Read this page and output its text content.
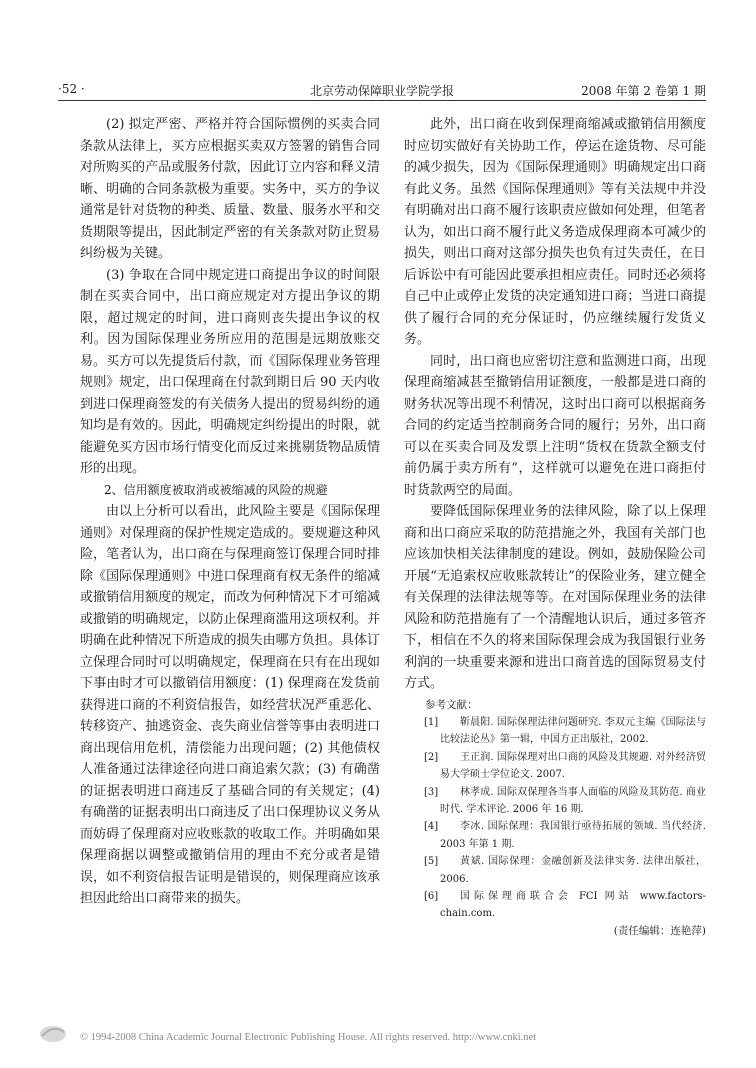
·52 ·	北京劳动保障职业学院学报	2008 年第 2 卷第 1 期

(2) 拟定严密、严格并符合国际惯例的买卖合同条款从法律上，买方应根据买卖双方签署的销售合同对所购买的产品或服务付款，因此订立内容和释义清晰、明确的合同条款极为重要。实务中，买方的争议通常是针对货物的种类、质量、数量、服务水平和交货期限等提出，因此制定严密的有关条款对防止贸易纠纷极为关键。

(3) 争取在合同中规定进口商提出争议的时间限制在买卖合同中，出口商应规定对方提出争议的期限，超过规定的时间，进口商则丧失提出争议的权利。因为国际保理业务所应用的范围是远期放账交易。买方可以先提货后付款，而《国际保理业务管理规则》规定，出口保理商在付款到期日后 90 天内收到进口保理商签发的有关债务人提出的贸易纠纷的通知均是有效的。因此，明确规定纠纷提出的时限，就能避免买方因市场行情变化而反过来挑剔货物品质情形的出现。

2、信用额度被取消或被缩减的风险的规避

由以上分析可以看出，此风险主要是《国际保理通则》对保理商的保护性规定造成的。要规避这种风险，笔者认为，出口商在与保理商签订保理合同时排除《国际保理通则》中进口保理商有权无条件的缩减或撤销信用额度的规定，而改为何种情况下才可缩减或撤销的明确规定，以防止保理商滥用这项权利。并明确在此种情况下所造成的损失由哪方负担。具体订立保理合同时可以明确规定，保理商在只有在出现如下事由时才可以撤销信用额度：(1) 保理商在发货前获得进口商的不利资信报告，如经营状况严重恶化、转移资产、抽逃资金、丧失商业信誉等事由表明进口商出现信用危机，清偿能力出现问题；(2) 其他债权人准备通过法律途径向进口商追索欠款；(3) 有确凿的证据表明进口商违反了基础合同的有关规定；(4) 有确凿的证据表明出口商违反了出口保理协议义务从而妨碍了保理商对应收账款的收取工作。并明确如果保理商据以调整或撤销信用的理由不充分或者是错误，如不利资信报告证明是错误的，则保理商应该承担因此给出口商带来的损失。

此外，出口商在收到保理商缩减或撤销信用额度时应切实做好有关协助工作，停运在途货物、尽可能的减少损失，因为《国际保理通则》明确规定出口商有此义务。虽然《国际保理通则》等有关法规中并没有明确对出口商不履行该职责应做如何处理，但笔者认为，如出口商不履行此义务造成保理商本可减少的损失，则出口商对这部分损失也负有过失责任，在日后诉讼中有可能因此要承担相应责任。同时还必须将自己中止或停止发货的决定通知进口商；当进口商提供了履行合同的充分保证时，仍应继续履行发货义务。

同时，出口商也应密切注意和监测进口商，出现保理商缩减甚至撤销信用证额度，一般都是进口商的财务状况等出现不利情况，这时出口商可以根据商务合同的约定适当控制商务合同的履行；另外，出口商可以在买卖合同及发票上注明“货权在货款全额支付前仍属于卖方所有”，这样就可以避免在进口商拒付时货款两空的局面。

要降低国际保理业务的法律风险，除了以上保理商和出口商应采取的防范措施之外，我国有关部门也应该加快相关法律制度的建设。例如，鼓励保险公司开展“无追索权应收账款转让”的保险业务，建立健全有关保理的法律法规等等。在对国际保理业务的法律风险和防范措施有了一个清醒地认识后，通过多管齐下，相信在不久的将来国际保理会成为我国银行业务利润的一块重要来源和进出口商首选的国际贸易支付方式。

参考文献：

[1] 靳晨阳. 国际保理法律问题研究. 李双元主编《国际法与比较法论丛》第一辑，中国方正出版社，2002.

[2] 王正润. 国际保理对出口商的风险及其规避. 对外经济贸易大学硕士学位论文. 2007.

[3] 林孝成. 国际双保理各当事人面临的风险及其防范. 商业时代. 学术评论. 2006 年 16 期.

[4] 李冰. 国际保理：我国银行亟待拓展的领域. 当代经济. 2003 年第 1 期.

[5] 黄斌. 国际保理：金融创新及法律实务. 法律出版社，2006.

[6] 国际保理商联合会 FCI 网站 www.factors-chain.com.

(责任编辑：连艳萍)

© 1994-2008 China Academic Journal Electronic Publishing House. All rights reserved. http://www.cnki.net
